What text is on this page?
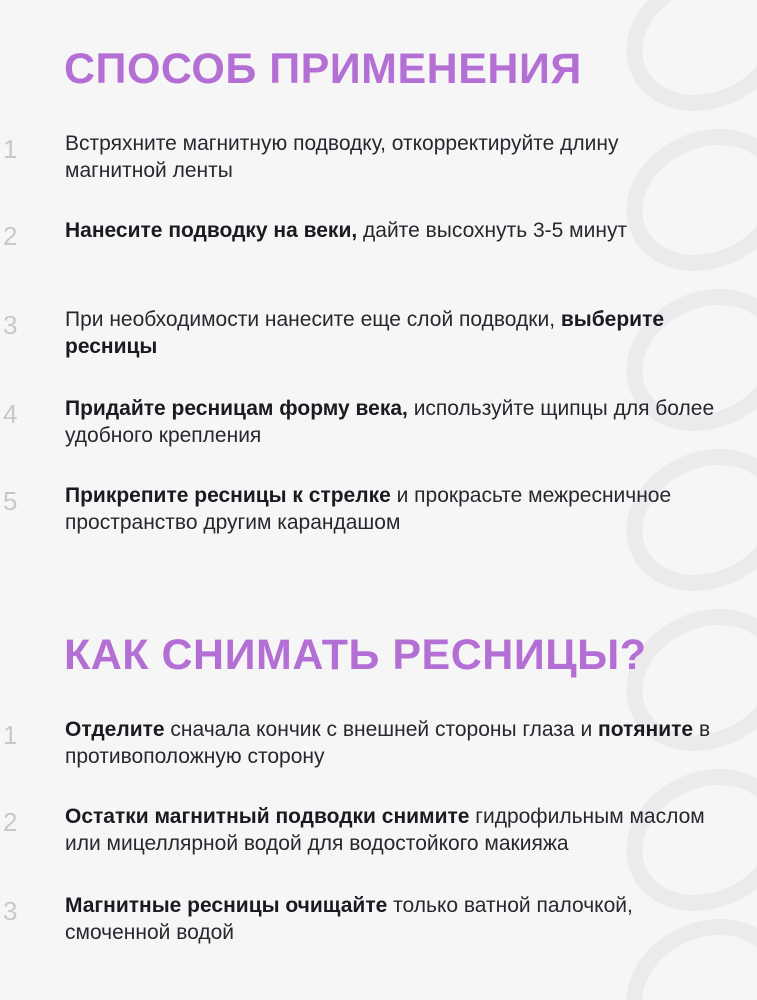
СПОСОБ ПРИМЕНЕНИЯ
1 Встряхните магнитную подводку, откорректируйте длину магнитной ленты

2 Нанесите подводку на веки, дайте высохнуть 3-5 минут

3 При необходимости нанесите еще слой подводки, выберите ресницы

4 Придайте ресницам форму века, используйте щипцы для более удобного крепления

5 Прикрепите ресницы к стрелке и прокрасьте межресничное пространство другим карандашом

КАК СНИМАТЬ РЕСНИЦЫ?
1 Отделите сначала кончик с внешней стороны глаза и потяните в противоположную сторону

2 Остатки магнитный подводки снимите гидрофильным маслом или мицеллярной водой для водостойкого макияжа

3 Магнитные ресницы очищайте только ватной палочкой, смоченной водой
